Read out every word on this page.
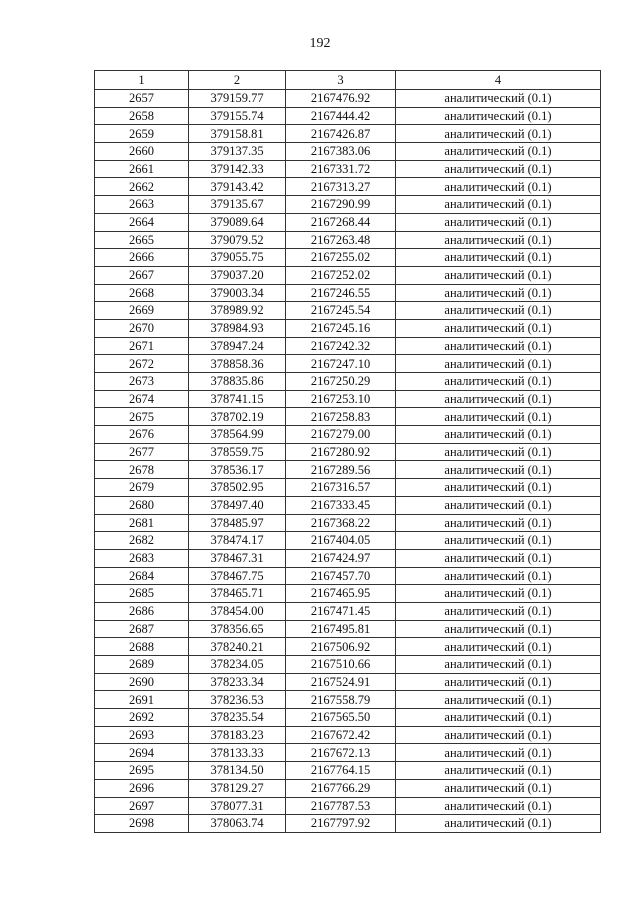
192
1	2	3	4
2657	379159.77	2167476.92	аналитический (0.1)
2658	379155.74	2167444.42	аналитический (0.1)
2659	379158.81	2167426.87	аналитический (0.1)
2660	379137.35	2167383.06	аналитический (0.1)
2661	379142.33	2167331.72	аналитический (0.1)
2662	379143.42	2167313.27	аналитический (0.1)
2663	379135.67	2167290.99	аналитический (0.1)
2664	379089.64	2167268.44	аналитический (0.1)
2665	379079.52	2167263.48	аналитический (0.1)
2666	379055.75	2167255.02	аналитический (0.1)
2667	379037.20	2167252.02	аналитический (0.1)
2668	379003.34	2167246.55	аналитический (0.1)
2669	378989.92	2167245.54	аналитический (0.1)
2670	378984.93	2167245.16	аналитический (0.1)
2671	378947.24	2167242.32	аналитический (0.1)
2672	378858.36	2167247.10	аналитический (0.1)
2673	378835.86	2167250.29	аналитический (0.1)
2674	378741.15	2167253.10	аналитический (0.1)
2675	378702.19	2167258.83	аналитический (0.1)
2676	378564.99	2167279.00	аналитический (0.1)
2677	378559.75	2167280.92	аналитический (0.1)
2678	378536.17	2167289.56	аналитический (0.1)
2679	378502.95	2167316.57	аналитический (0.1)
2680	378497.40	2167333.45	аналитический (0.1)
2681	378485.97	2167368.22	аналитический (0.1)
2682	378474.17	2167404.05	аналитический (0.1)
2683	378467.31	2167424.97	аналитический (0.1)
2684	378467.75	2167457.70	аналитический (0.1)
2685	378465.71	2167465.95	аналитический (0.1)
2686	378454.00	2167471.45	аналитический (0.1)
2687	378356.65	2167495.81	аналитический (0.1)
2688	378240.21	2167506.92	аналитический (0.1)
2689	378234.05	2167510.66	аналитический (0.1)
2690	378233.34	2167524.91	аналитический (0.1)
2691	378236.53	2167558.79	аналитический (0.1)
2692	378235.54	2167565.50	аналитический (0.1)
2693	378183.23	2167672.42	аналитический (0.1)
2694	378133.33	2167672.13	аналитический (0.1)
2695	378134.50	2167764.15	аналитический (0.1)
2696	378129.27	2167766.29	аналитический (0.1)
2697	378077.31	2167787.53	аналитический (0.1)
2698	378063.74	2167797.92	аналитический (0.1)
